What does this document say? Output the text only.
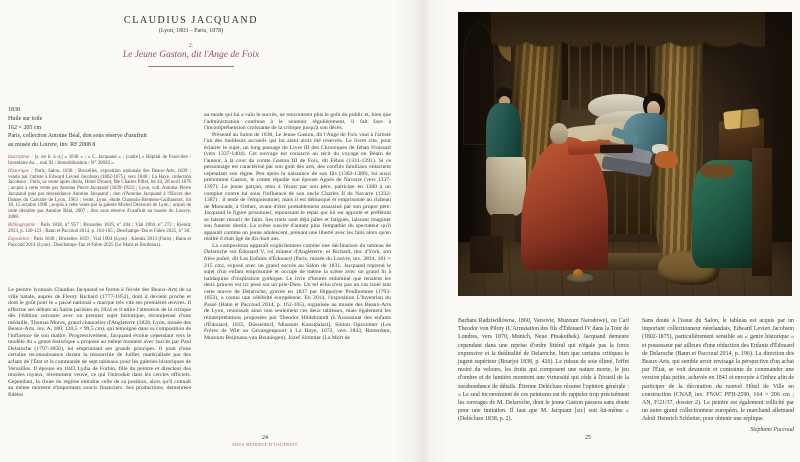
CLAUDIUS JACQUAND
(Lyon, 1803 – Paris, 1878)
2.
Le Jeune Gaston, dit l'Ange de Foix
1838
Huile sur toile
162 × 205 cm
Paris, collection Antoine Béal, don sous réserve d'usufruit
au musée du Louvre, inv. RF 2008 8

Inscription : [s. en b. à d.] « 1838 » ; « C. Jacquand » ; [cadre] « Hôpital de Fourvière / Inventaire du… mai 92 / Immobilisation / N° 30026 ».

Historique : Paris, Salon, 1838 ; Bruxelles, exposition nationale des Beaux-Arts, 1839 ; vendu par l'artiste à Edward Levien Jacobson (1802-1875), vers 1840 ; La Haye, collection Jacobson ; Paris, sa vente après décès, Hôtel Drouot, Me Charles Pillet, lot 44, 28 avril 1876 ; acquis à cette vente par Antoine Pierre Jacquand (1839-1922) ; Lyon, coll. Antoine Pierre Jacquand puis par descendance Antoine Jacquand ; don d'Antoine Jacquand à l'Œuvre des Dames du Calvaire de Lyon, 1963 ; vente, Lyon, étude Chaussin-Bremens-Guillaumot, lot 38, 15 octobre 1998 ; acquis à cette vente par la galerie Michel Descours de Lyon ; acquis de cette dernière par Antoine Béal, 2007 ; don sous réserve d'usufruit au musée du Louvre, 2008.

Bibliographie : Paris 1838, n° 957 ; Bruxelles 1839, n° 284 ; Vial 1904, n° 272 ; Kienitz 2013, p. 120-123 ; Bann et Paccoud 2014, p. 164-165 ; Deschamps-Tan et Fabre 2025, n° 30.

Exposition : Paris 1838 ; Bruxelles 1839 ; Vial 1904 (Lyon) ; Kienitz 2013 (Paris) ; Bann et Paccoud 2014 (Lyon) ; Deschamps-Tan et Fabre 2025 (Le Mans et Bordeaux).

Le peintre lyonnais Claudius Jacquand se forme à l'école des Beaux-Arts de sa ville natale, auprès de Fleury Richard (1777-1852), dont il devient proche et dont le goût pour le « passé national » marque très vite ses premières œuvres. Il effectue ses débuts au Salon parisien en 1824 et il attire l'attention de la critique dès l'édition suivante avec un premier sujet historique, récompensé d'une médaille, Thomas Morus, grand chancelier d'Angleterre (1828, Lyon, musée des Beaux-Arts, inv. A. 180, 120,5 × 99,5 cm), qui témoigne dans sa composition de l'influence de son maître. Progressivement, Jacquand évolue cependant vers le modèle du « genre historique » proposé au même moment avec succès par Paul Delaroche (1797-1856), lui empruntant ses grands principes. Il jouit d'une certaine reconnaissance durant la monarchie de Juillet, matérialisée par des achats de l'État et la commande de sept tableaux pour les galeries historiques de Versailles. Il épouse en 1843 Lydia de Forbin, fille du peintre et directeur des musées royaux, récemment veuve, ce qui l'introduit dans les cercles officiels. Cependant, la chute du régime entraîne celle de sa position, alors qu'il connaît au même moment d'importants soucis financiers. Ses productions, demeurées fidèles

au mode qui lui a valu le succès, ne rencontrent plus le goût du public et, bien que l'administration continue à le soutenir régulièrement, il fait face à l'incompréhension croissante de la critique jusqu'à son décès.

Présenté au Salon de 1838, Le Jeune Gaston, dit l'Ange de Foix vaut à l'artiste l'un des meilleurs accueils qui lui aient alors été réservés. Le livret cite, pour éclairer le sujet, un long passage du Livre III des Chroniques de Jehan Froissart (vers 1337-1404). Cet ouvrage est consacré au récit du voyage en Béarn de l'auteur, à la cour du comte Gaston III de Foix, dit Fébus (1331-1391). Si ce personnage est caractérisé par son goût des arts, des conflits familiaux entachent cependant son règne. Peu après la naissance de son fils (1362-1380), lui aussi prénommé Gaston, le comte répudie son épouse Agnès de Navarre (vers 1337-1397). Le jeune garçon, tenu à l'écart par son père, participe en 1380 à un complot contre lui sous l'influence de son oncle Charles II de Navarre (1332-1387) : il tente de l'empoisonner, mais il est démasqué et emprisonné au château de Moncade, à Orthez, avant d'être probablement assassiné par son propre père. Jacquand le figure prisonnier, repoussant le repas qui lui est apporté et préférant se laisser mourir de faim. Ses traits sont déjà pâles et fatigués, laissant imaginer son funeste destin. La scène suscite d'autant plus l'empathie du spectateur qu'il apparaît comme un jeune adolescent, prenant une liberté avec les faits alors qu'en réalité il était âgé de dix-huit ans.

La composition apparaît explicitement comme une déclinaison du tableau de Delaroche sur Édouard V, roi mineur d'Angleterre, et Richard, duc d'York, son frère puîné, dit Les Enfants d'Édouard (Paris, musée du Louvre, inv. 3834, 181 × 215 cm), exposé avec un grand succès au Salon de 1831. Jacquand reprend le sujet d'un enfant emprisonné et occupe de même la scène avec un grand lit à baldaquins d'inspiration gothique. Le livre d'heures enluminé que tenaient les deux princes est ici posé sur un prie-Dieu. Un tel écho n'est pas un cas isolé tant cette œuvre de Delaroche, gravée en 1837 par Hippolyte Prudhomme (1793-1853), a connu une célébrité européenne. En 2014, l'exposition L'Invention du Passé (Bann et Paccoud 2014, p. 162-165), organisée au musée des Beaux-Arts de Lyon, réunissait ainsi non seulement ces deux tableaux, mais également les réinterprétations proposées par Theodor Hildebrandt (L'Assassinat des enfants d'Édouard, 1835, Düsseldorf, Museum Kunstpalast), Simon Opzoomer (Les Frères de Witt au Gevangenpoort à La Haye, 1672, vers 1843, Rotterdam, Museum Boijmans-van Beuningen), Józef Simmler (La Mort de

24
SOUS RÉSERVE D'USUFRUIT

Barbara Radziwiłłówna, 1860, Varsovie, Muzeum Narodowe), ou Carl Theodor von Piloty (L'Arrestation des fils d'Édouard IV dans la Tour de Londres, vers 1870, Munich, Neue Pinakothek). Jacquand demeure cependant dans une reprise d'ordre littéral qui n'égale pas la force expressive et la théâtralité de Delaroche, bien que certains critiques le jugent supérieur (Bourjot 1838, p. 426). Le rideau de soie élimé, l'effet moiré du velours, les fruits qui composent une nature morte, le jeu d'ombre et de lumière montrent une virtuosité qui cède à l'écueil de la surabondance de détails. Étienne Delécluze résume l'opinion générale : « Le seul inconvénient de ces peintures est de rappeler trop précisément les ouvrages de M. Delaroche, dont le jeune Gaston passera sans doute pour une imitation. Il faut que M. Jacquant [sic] soit lui-même » (Delécluze 1838, p. 2).

Sans doute à l'issue du Salon, le tableau est acquis par un important collectionneur néerlandais, Edward Levien Jacobson (1802-1875), particulièrement sensible au « genre historique » et possesseur par ailleurs d'une réduction des Enfants d'Édouard de Delaroche (Bann et Paccoud 2014, p. 196). La direction des Beaux-Arts, qui semble avoir envisagé la perspective d'un achat par l'État, se voit devancée et contrainte de commander une version plus petite, achevée en 1841 et envoyée à Orthez afin de participer de la décoration du nouvel Hôtel de Ville en construction (CNAP, inv. FNAC PFH-2590, 164 × 206 cm ; AN, F/21/37, dossier 2). Le peintre est également sollicité par un autre grand collectionneur européen, le marchand allemand Adolf Heinrich Schletter, pour obtenir une réplique.

Stéphane Paccoud
25
